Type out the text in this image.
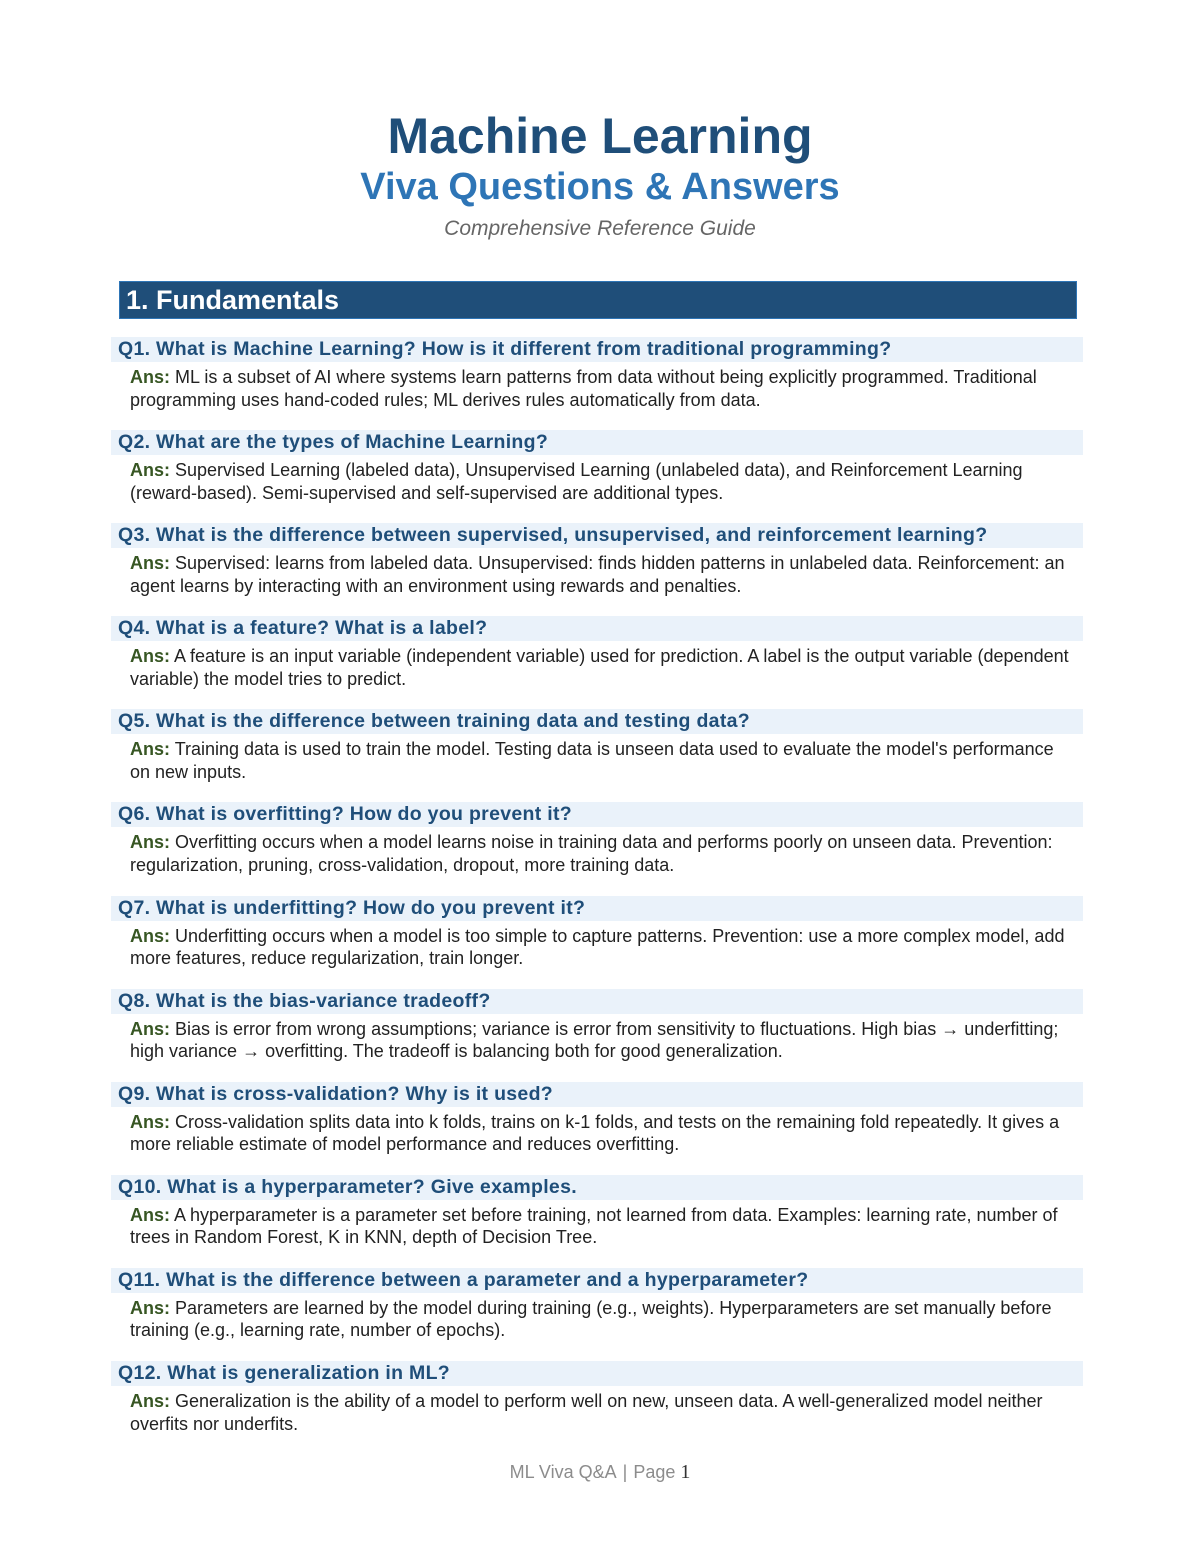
Machine Learning
Viva Questions & Answers
Comprehensive Reference Guide
1. Fundamentals
Q1. What is Machine Learning? How is it different from traditional programming?
Ans: ML is a subset of AI where systems learn patterns from data without being explicitly programmed. Traditional programming uses hand-coded rules; ML derives rules automatically from data.
Q2. What are the types of Machine Learning?
Ans: Supervised Learning (labeled data), Unsupervised Learning (unlabeled data), and Reinforcement Learning (reward-based). Semi-supervised and self-supervised are additional types.
Q3. What is the difference between supervised, unsupervised, and reinforcement learning?
Ans: Supervised: learns from labeled data. Unsupervised: finds hidden patterns in unlabeled data. Reinforcement: an agent learns by interacting with an environment using rewards and penalties.
Q4. What is a feature? What is a label?
Ans: A feature is an input variable (independent variable) used for prediction. A label is the output variable (dependent variable) the model tries to predict.
Q5. What is the difference between training data and testing data?
Ans: Training data is used to train the model. Testing data is unseen data used to evaluate the model's performance on new inputs.
Q6. What is overfitting? How do you prevent it?
Ans: Overfitting occurs when a model learns noise in training data and performs poorly on unseen data. Prevention: regularization, pruning, cross-validation, dropout, more training data.
Q7. What is underfitting? How do you prevent it?
Ans: Underfitting occurs when a model is too simple to capture patterns. Prevention: use a more complex model, add more features, reduce regularization, train longer.
Q8. What is the bias-variance tradeoff?
Ans: Bias is error from wrong assumptions; variance is error from sensitivity to fluctuations. High bias → underfitting; high variance → overfitting. The tradeoff is balancing both for good generalization.
Q9. What is cross-validation? Why is it used?
Ans: Cross-validation splits data into k folds, trains on k-1 folds, and tests on the remaining fold repeatedly. It gives a more reliable estimate of model performance and reduces overfitting.
Q10. What is a hyperparameter? Give examples.
Ans: A hyperparameter is a parameter set before training, not learned from data. Examples: learning rate, number of trees in Random Forest, K in KNN, depth of Decision Tree.
Q11. What is the difference between a parameter and a hyperparameter?
Ans: Parameters are learned by the model during training (e.g., weights). Hyperparameters are set manually before training (e.g., learning rate, number of epochs).
Q12. What is generalization in ML?
Ans: Generalization is the ability of a model to perform well on new, unseen data. A well-generalized model neither overfits nor underfits.
ML Viva Q&A | Page 1
